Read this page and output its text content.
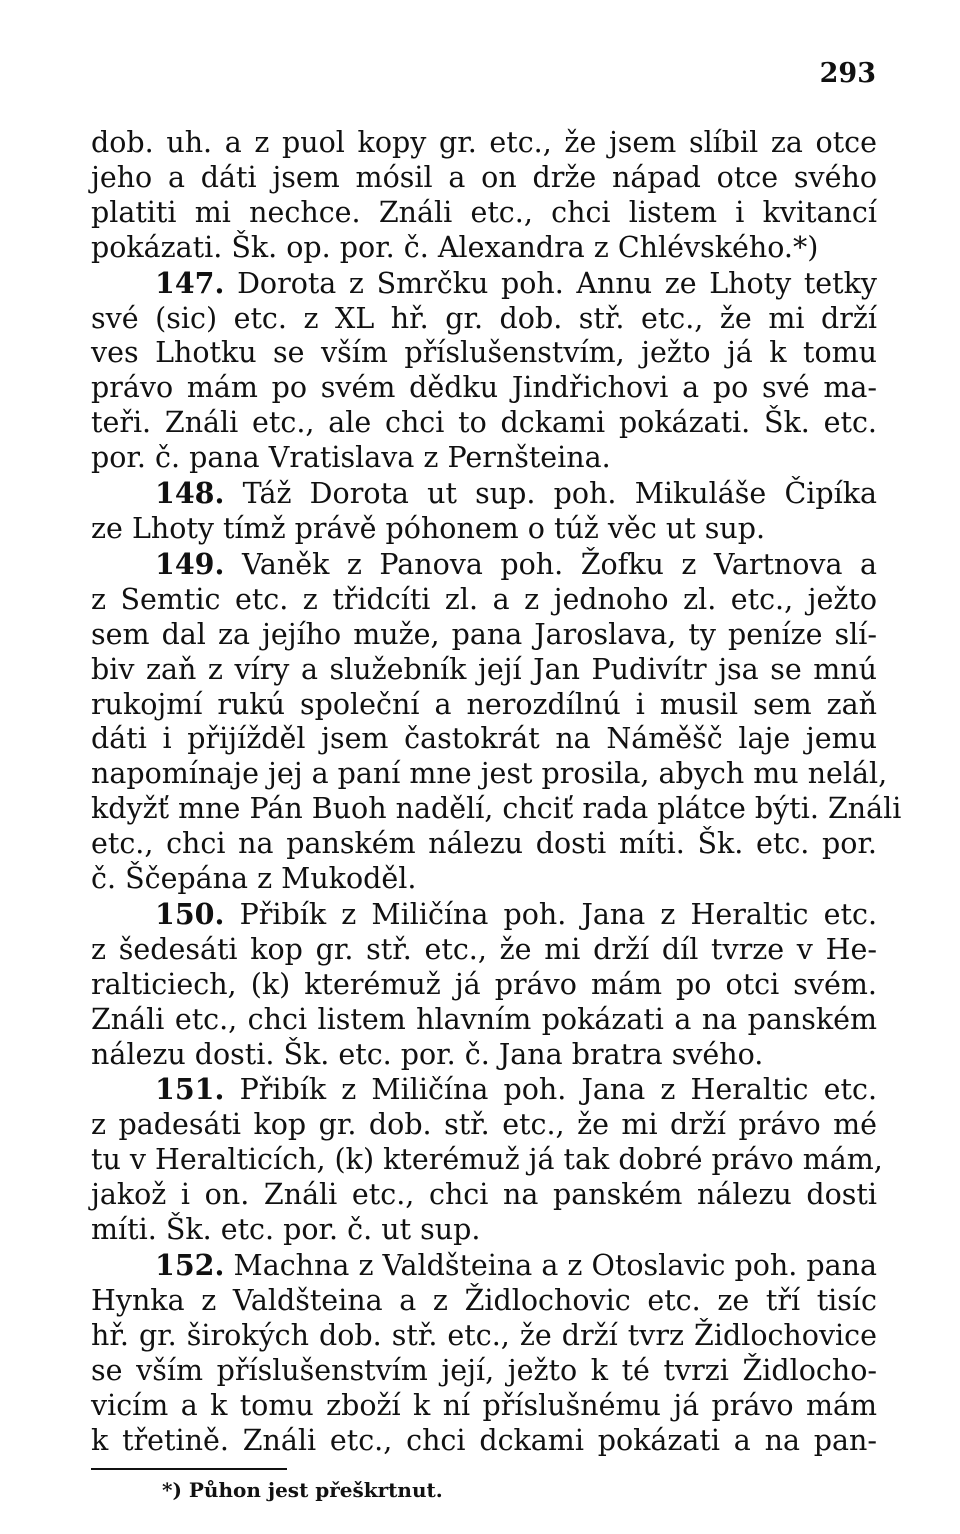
293
dob. uh. a z puol kopy gr. etc., že jsem slíbil za otce
jeho a dáti jsem mósil a on drže nápad otce svého
platiti mi nechce. Ználi etc., chci listem i kvitancí
pokázati. Šk. op. por. č. Alexandra z Chlévského.*)
147. Dorota z Smrčku poh. Annu ze Lhoty tetky
své (sic) etc. z XL hř. gr. dob. stř. etc., že mi drží
ves Lhotku se vším příslušenstvím, ježto já k tomu
právo mám po svém dědku Jindřichovi a po své ma-
teři. Ználi etc., ale chci to dckami pokázati. Šk. etc.
por. č. pana Vratislava z Pernšteina.
148. Táž Dorota ut sup. poh. Mikuláše Čipíka
ze Lhoty tímž právě póhonem o túž věc ut sup.
149. Vaněk z Panova poh. Žofku z Vartnova a
z Semtic etc. z třidcíti zl. a z jednoho zl. etc., ježto
sem dal za jejího muže, pana Jaroslava, ty peníze slí-
biv zaň z víry a služebník její Jan Pudivítr jsa se mnú
rukojmí rukú společní a nerozdílnú i musil sem zaň
dáti i přijížděl jsem častokrát na Náměšč laje jemu
napomínaje jej a paní mne jest prosila, abych mu nelál,
kdyžť mne Pán Buoh nadělí, chciť rada plátce býti. Ználi
etc., chci na panském nálezu dosti míti. Šk. etc. por.
č. Ščepána z Mukoděl.
150. Přibík z Miličína poh. Jana z Heraltic etc.
z šedesáti kop gr. stř. etc., že mi drží díl tvrze v He-
ralticiech, (k) kterémuž já právo mám po otci svém.
Ználi etc., chci listem hlavním pokázati a na panském
nálezu dosti. Šk. etc. por. č. Jana bratra svého.
151. Přibík z Miličína poh. Jana z Heraltic etc.
z padesáti kop gr. dob. stř. etc., že mi drží právo mé
tu v Heralticích, (k) kterémuž já tak dobré právo mám,
jakož i on. Ználi etc., chci na panském nálezu dosti
míti. Šk. etc. por. č. ut sup.
152. Machna z Valdšteina a z Otoslavic poh. pana
Hynka z Valdšteina a z Židlochovic etc. ze tří tisíc
hř. gr. širokých dob. stř. etc., že drží tvrz Židlochovice
se vším příslušenstvím její, ježto k té tvrzi Židlocho-
vicím a k tomu zboží k ní příslušnému já právo mám
k třetině. Ználi etc., chci dckami pokázati a na pan-
*) Půhon jest přeškrtnut.
